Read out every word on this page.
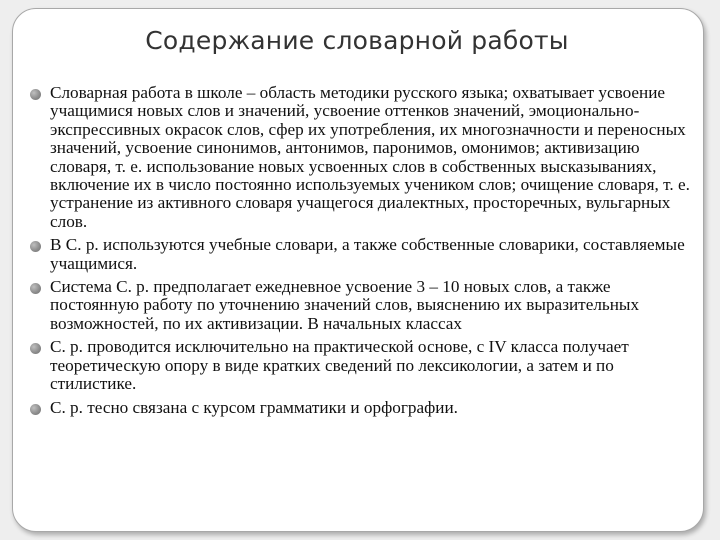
Содержание словарной работы
Словарная работа в школе – область методики русского языка; охватывает усвоение учащимися новых слов и значений, усвоение оттенков значений, эмоционально-экспрессивных окрасок слов, сфер их употребления, их многозначности и переносных значений, усвоение синонимов, антонимов, паронимов, омонимов; активизацию словаря, т. е. использование новых усвоенных слов в собственных высказываниях, включение их в число постоянно используемых учеником слов; очищение словаря, т. е. устранение из активного словаря учащегося диалектных, просторечных, вульгарных слов.
В С. р. используются учебные словари, а также собственные словарики, составляемые учащимися.
Система С. р. предполагает ежедневное усвоение 3 – 10 новых слов, а также постоянную работу по уточнению значений слов, выяснению их выразительных возможностей, по их активизации. В начальных классах
С. р. проводится исключительно на практической основе, с IV класса получает теоретическую опору в виде кратких сведений по лексикологии, а затем и по стилистике.
С. р. тесно связана с курсом грамматики и орфографии.
